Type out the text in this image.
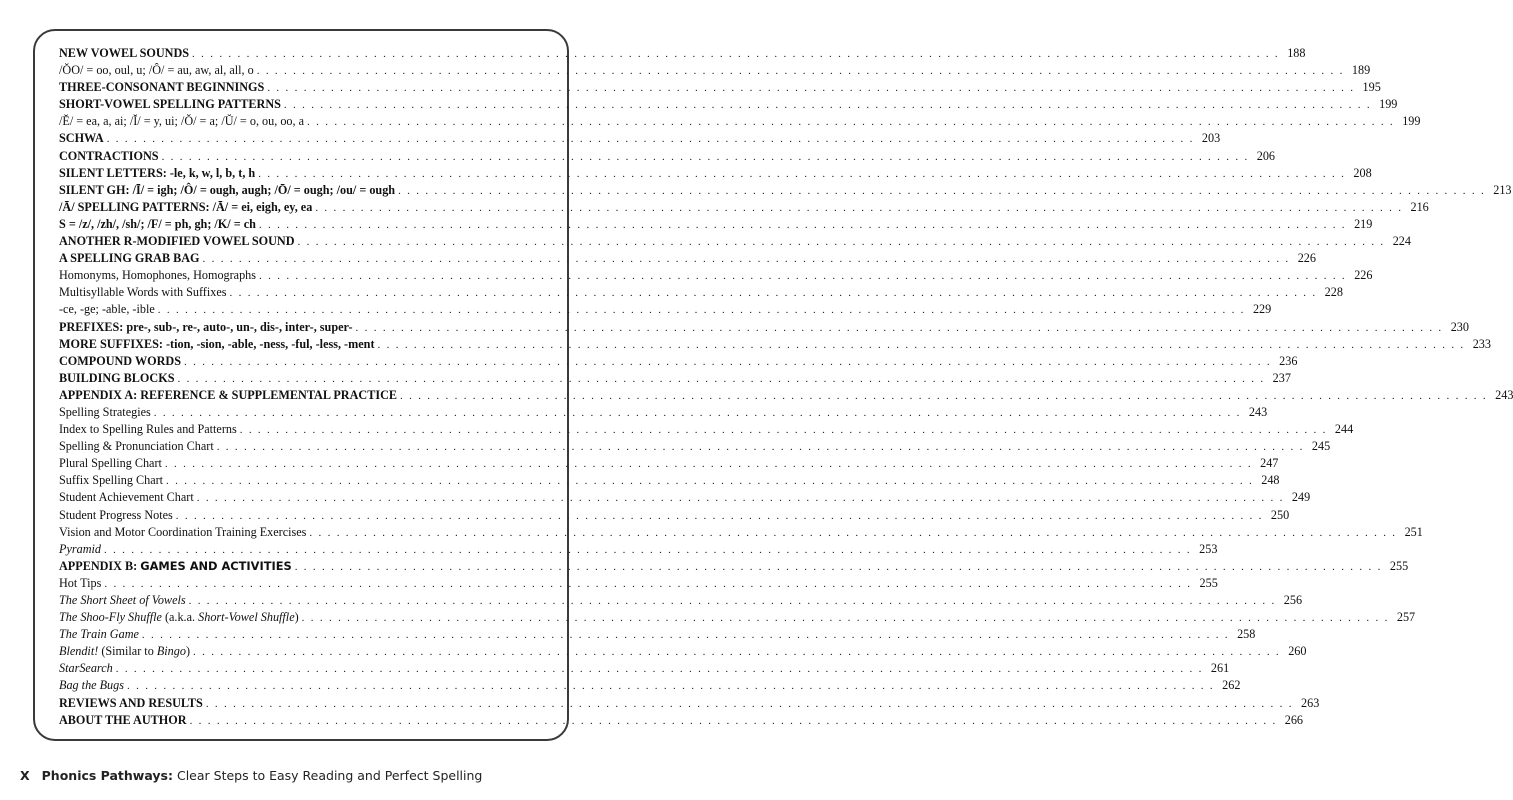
NEW VOWEL SOUNDS . . . . . . . . . . . . . . . . . . . . . . . . . . . . . . . . . . . . . . . . . . . . . . . . . . . . . . . . . . . . . . . . . . . . . . . . . . . . . . . . . . . . . . . . . . . . . . . . . . . . . . . . . . . . . . . . . . . . . . . . 188
/ŎO/ = oo, oul, u; /Ô/ = au, aw, al, all, o . . . . . . . . . . . . . . . . . . . . . . . . . . . . . . . . . . . . . . . . . . . . . . . . . . . . . . . . . . . . . . . . . . . . . . . . . . . . . . . . . . . . . . . . . . . . . . . . . . . . . . . . . . . . . . . . . . . . . . . . 189
THREE-CONSONANT BEGINNINGS . . . . . . . . . . . . . . . . . . . . . . . . . . . . . . . . . . . . . . . . . . . . . . . . . . . . . . . . . . . . . . . . . . . . . . . . . . . . . . . . . . . . . . . . . . . . . . . . . . . . . . . . . . . . . . . . . . . . . . . . 195
SHORT-VOWEL SPELLING PATTERNS . . . . . . . . . . . . . . . . . . . . . . . . . . . . . . . . . . . . . . . . . . . . . . . . . . . . . . . . . . . . . . . . . . . . . . . . . . . . . . . . . . . . . . . . . . . . . . . . . . . . . . . . . . . . . . . . . . . . . . . . 199
/Ĕ/ = ea, a, ai; /Ĭ/ = y, ui; /Ŏ/ = a; /Ŭ/ = o, ou, oo, a . . . . . . . . . . . . . . . . . . . . . . . . . . . . . . . . . . . . . . . . . . . . . . . . . . . . . . . . . . . . . . . . . . . . . . . . . . . . . . . . . . . . . . . . . . . . . . . . . . . . . . . . . . . . . . . . . . . . . . . . 199
SCHWA . . . . . . . . . . . . . . . . . . . . . . . . . . . . . . . . . . . . . . . . . . . . . . . . . . . . . . . . . . . . . . . . . . . . . . . . . . . . . . . . . . . . . . . . . . . . . . . . . . . . . . . . . . . . . . . . . . . . . . . . 203
CONTRACTIONS . . . . . . . . . . . . . . . . . . . . . . . . . . . . . . . . . . . . . . . . . . . . . . . . . . . . . . . . . . . . . . . . . . . . . . . . . . . . . . . . . . . . . . . . . . . . . . . . . . . . . . . . . . . . . . . . . . . . . . . . 206
SILENT LETTERS: -le, k, w, l, b, t, h . . . . . . . . . . . . . . . . . . . . . . . . . . . . . . . . . . . . . . . . . . . . . . . . . . . . . . . . . . . . . . . . . . . . . . . . . . . . . . . . . . . . . . . . . . . . . . . . . . . . . . . . . . . . . . . . . . . . . . . . 208
SILENT GH: /Ī/ = igh; /Ô/ = ough, augh; /Ō/ = ough; /ou/ = ough . . . . . . . . . . . . . . . . . . . . . . . . . . . . . . . . . . . . . . . . . . . . . . . . . . . . . . . . . . . . . . . . . . . . . . . . . . . . . . . . . . . . . . . . . . . . . . . . . . . . . . . . . . . . . . . . . . . . . . . . 213
/Ā/ SPELLING PATTERNS: /Ā/ = ei, eigh, ey, ea . . . . . . . . . . . . . . . . . . . . . . . . . . . . . . . . . . . . . . . . . . . . . . . . . . . . . . . . . . . . . . . . . . . . . . . . . . . . . . . . . . . . . . . . . . . . . . . . . . . . . . . . . . . . . . . . . . . . . . . . 216
S = /z/, /zh/, /sh/; /F/ = ph, gh; /K/ = ch . . . . . . . . . . . . . . . . . . . . . . . . . . . . . . . . . . . . . . . . . . . . . . . . . . . . . . . . . . . . . . . . . . . . . . . . . . . . . . . . . . . . . . . . . . . . . . . . . . . . . . . . . . . . . . . . . . . . . . . . 219
ANOTHER R-MODIFIED VOWEL SOUND . . . . . . . . . . . . . . . . . . . . . . . . . . . . . . . . . . . . . . . . . . . . . . . . . . . . . . . . . . . . . . . . . . . . . . . . . . . . . . . . . . . . . . . . . . . . . . . . . . . . . . . . . . . . . . . . . . . . . . . . 224
A SPELLING GRAB BAG . . . . . . . . . . . . . . . . . . . . . . . . . . . . . . . . . . . . . . . . . . . . . . . . . . . . . . . . . . . . . . . . . . . . . . . . . . . . . . . . . . . . . . . . . . . . . . . . . . . . . . . . . . . . . . . . . . . . . . . . 226
Homonyms, Homophones, Homographs . . . . . . . . . . . . . . . . . . . . . . . . . . . . . . . . . . . . . . . . . . . . . . . . . . . . . . . . . . . . . . . . . . . . . . . . . . . . . . . . . . . . . . . . . . . . . . . . . . . . . . . . . . . . . . . . . . . . . . . . 226
Multisyllable Words with Suffixes . . . . . . . . . . . . . . . . . . . . . . . . . . . . . . . . . . . . . . . . . . . . . . . . . . . . . . . . . . . . . . . . . . . . . . . . . . . . . . . . . . . . . . . . . . . . . . . . . . . . . . . . . . . . . . . . . . . . . . . . 228
-ce, -ge; -able, -ible . . . . . . . . . . . . . . . . . . . . . . . . . . . . . . . . . . . . . . . . . . . . . . . . . . . . . . . . . . . . . . . . . . . . . . . . . . . . . . . . . . . . . . . . . . . . . . . . . . . . . . . . . . . . . . . . . . . . . . . . 229
PREFIXES: pre-, sub-, re-, auto-, un-, dis-, inter-, super- . . . . . . . . . . . . . . . . . . . . . . . . . . . . . . . . . . . . . . . . . . . . . . . . . . . . . . . . . . . . . . . . . . . . . . . . . . . . . . . . . . . . . . . . . . . . . . . . . . . . . . . . . . . . . . . . . . . . . . . . 230
MORE SUFFIXES: -tion, -sion, -able, -ness, -ful, -less, -ment . . . . . . . . . . . . . . . . . . . . . . . . . . . . . . . . . . . . . . . . . . . . . . . . . . . . . . . . . . . . . . . . . . . . . . . . . . . . . . . . . . . . . . . . . . . . . . . . . . . . . . . . . . . . . . . . . . . . . . . . 233
COMPOUND WORDS . . . . . . . . . . . . . . . . . . . . . . . . . . . . . . . . . . . . . . . . . . . . . . . . . . . . . . . . . . . . . . . . . . . . . . . . . . . . . . . . . . . . . . . . . . . . . . . . . . . . . . . . . . . . . . . . . . . . . . . . 236
BUILDING BLOCKS . . . . . . . . . . . . . . . . . . . . . . . . . . . . . . . . . . . . . . . . . . . . . . . . . . . . . . . . . . . . . . . . . . . . . . . . . . . . . . . . . . . . . . . . . . . . . . . . . . . . . . . . . . . . . . . . . . . . . . . . 237
APPENDIX A: REFERENCE & SUPPLEMENTAL PRACTICE . . . . . . . . . . . . . . . . . . . . . . . . . . . . . . . . . . . . . . . . . . . . . . . . . . . . . . . . . . . . . . . . . . . . . . . . . . . . . . . . . . . . . . . . . . . . . . . . . . . . . . . . . . . . . . . . . . . . . . . . 243
Spelling Strategies . . . . . . . . . . . . . . . . . . . . . . . . . . . . . . . . . . . . . . . . . . . . . . . . . . . . . . . . . . . . . . . . . . . . . . . . . . . . . . . . . . . . . . . . . . . . . . . . . . . . . . . . . . . . . . . . . . . . . . . . 243
Index to Spelling Rules and Patterns . . . . . . . . . . . . . . . . . . . . . . . . . . . . . . . . . . . . . . . . . . . . . . . . . . . . . . . . . . . . . . . . . . . . . . . . . . . . . . . . . . . . . . . . . . . . . . . . . . . . . . . . . . . . . . . . . . . . . . . . 244
Spelling & Pronunciation Chart . . . . . . . . . . . . . . . . . . . . . . . . . . . . . . . . . . . . . . . . . . . . . . . . . . . . . . . . . . . . . . . . . . . . . . . . . . . . . . . . . . . . . . . . . . . . . . . . . . . . . . . . . . . . . . . . . . . . . . . . 245
Plural Spelling Chart . . . . . . . . . . . . . . . . . . . . . . . . . . . . . . . . . . . . . . . . . . . . . . . . . . . . . . . . . . . . . . . . . . . . . . . . . . . . . . . . . . . . . . . . . . . . . . . . . . . . . . . . . . . . . . . . . . . . . . . . 247
Suffix Spelling Chart . . . . . . . . . . . . . . . . . . . . . . . . . . . . . . . . . . . . . . . . . . . . . . . . . . . . . . . . . . . . . . . . . . . . . . . . . . . . . . . . . . . . . . . . . . . . . . . . . . . . . . . . . . . . . . . . . . . . . . . . 248
Student Achievement Chart . . . . . . . . . . . . . . . . . . . . . . . . . . . . . . . . . . . . . . . . . . . . . . . . . . . . . . . . . . . . . . . . . . . . . . . . . . . . . . . . . . . . . . . . . . . . . . . . . . . . . . . . . . . . . . . . . . . . . . . . 249
Student Progress Notes . . . . . . . . . . . . . . . . . . . . . . . . . . . . . . . . . . . . . . . . . . . . . . . . . . . . . . . . . . . . . . . . . . . . . . . . . . . . . . . . . . . . . . . . . . . . . . . . . . . . . . . . . . . . . . . . . . . . . . . . 250
Vision and Motor Coordination Training Exercises . . . . . . . . . . . . . . . . . . . . . . . . . . . . . . . . . . . . . . . . . . . . . . . . . . . . . . . . . . . . . . . . . . . . . . . . . . . . . . . . . . . . . . . . . . . . . . . . . . . . . . . . . . . . . . . . . . . . . . . . 251
Pyramid . . . . . . . . . . . . . . . . . . . . . . . . . . . . . . . . . . . . . . . . . . . . . . . . . . . . . . . . . . . . . . . . . . . . . . . . . . . . . . . . . . . . . . . . . . . . . . . . . . . . . . . . . . . . . . . . . . . . . . . . 253
APPENDIX B: GAMES AND ACTIVITIES . . . . . . . . . . . . . . . . . . . . . . . . . . . . . . . . . . . . . . . . . . . . . . . . . . . . . . . . . . . . . . . . . . . . . . . . . . . . . . . . . . . . . . . . . . . . . . . . . . . . . . . . . . . . . . . . . . . . . . . . 255
Hot Tips . . . . . . . . . . . . . . . . . . . . . . . . . . . . . . . . . . . . . . . . . . . . . . . . . . . . . . . . . . . . . . . . . . . . . . . . . . . . . . . . . . . . . . . . . . . . . . . . . . . . . . . . . . . . . . . . . . . . . . . . 255
The Short Sheet of Vowels . . . . . . . . . . . . . . . . . . . . . . . . . . . . . . . . . . . . . . . . . . . . . . . . . . . . . . . . . . . . . . . . . . . . . . . . . . . . . . . . . . . . . . . . . . . . . . . . . . . . . . . . . . . . . . . . . . . . . . . . 256
The Shoo-Fly Shuffle (a.k.a. Short-Vowel Shuffle) . . . . . . . . . . . . . . . . . . . . . . . . . . . . . . . . . . . . . . . . . . . . . . . . . . . . . . . . . . . . . . . . . . . . . . . . . . . . . . . . . . . . . . . . . . . . . . . . . . . . . . . . . . . . . . . . . . . . . . . . 257
The Train Game . . . . . . . . . . . . . . . . . . . . . . . . . . . . . . . . . . . . . . . . . . . . . . . . . . . . . . . . . . . . . . . . . . . . . . . . . . . . . . . . . . . . . . . . . . . . . . . . . . . . . . . . . . . . . . . . . . . . . . . . 258
Blendit! (Similar to Bingo) . . . . . . . . . . . . . . . . . . . . . . . . . . . . . . . . . . . . . . . . . . . . . . . . . . . . . . . . . . . . . . . . . . . . . . . . . . . . . . . . . . . . . . . . . . . . . . . . . . . . . . . . . . . . . . . . . . . . . . . . 260
StarSearch . . . . . . . . . . . . . . . . . . . . . . . . . . . . . . . . . . . . . . . . . . . . . . . . . . . . . . . . . . . . . . . . . . . . . . . . . . . . . . . . . . . . . . . . . . . . . . . . . . . . . . . . . . . . . . . . . . . . . . . . 261
Bag the Bugs . . . . . . . . . . . . . . . . . . . . . . . . . . . . . . . . . . . . . . . . . . . . . . . . . . . . . . . . . . . . . . . . . . . . . . . . . . . . . . . . . . . . . . . . . . . . . . . . . . . . . . . . . . . . . . . . . . . . . . . . 262
REVIEWS AND RESULTS . . . . . . . . . . . . . . . . . . . . . . . . . . . . . . . . . . . . . . . . . . . . . . . . . . . . . . . . . . . . . . . . . . . . . . . . . . . . . . . . . . . . . . . . . . . . . . . . . . . . . . . . . . . . . . . . . . . . . . . . 263
ABOUT THE AUTHOR . . . . . . . . . . . . . . . . . . . . . . . . . . . . . . . . . . . . . . . . . . . . . . . . . . . . . . . . . . . . . . . . . . . . . . . . . . . . . . . . . . . . . . . . . . . . . . . . . . . . . . . . . . . . . . . . . . . . . . . . 266
X Phonics Pathways: Clear Steps to Easy Reading and Perfect Spelling
